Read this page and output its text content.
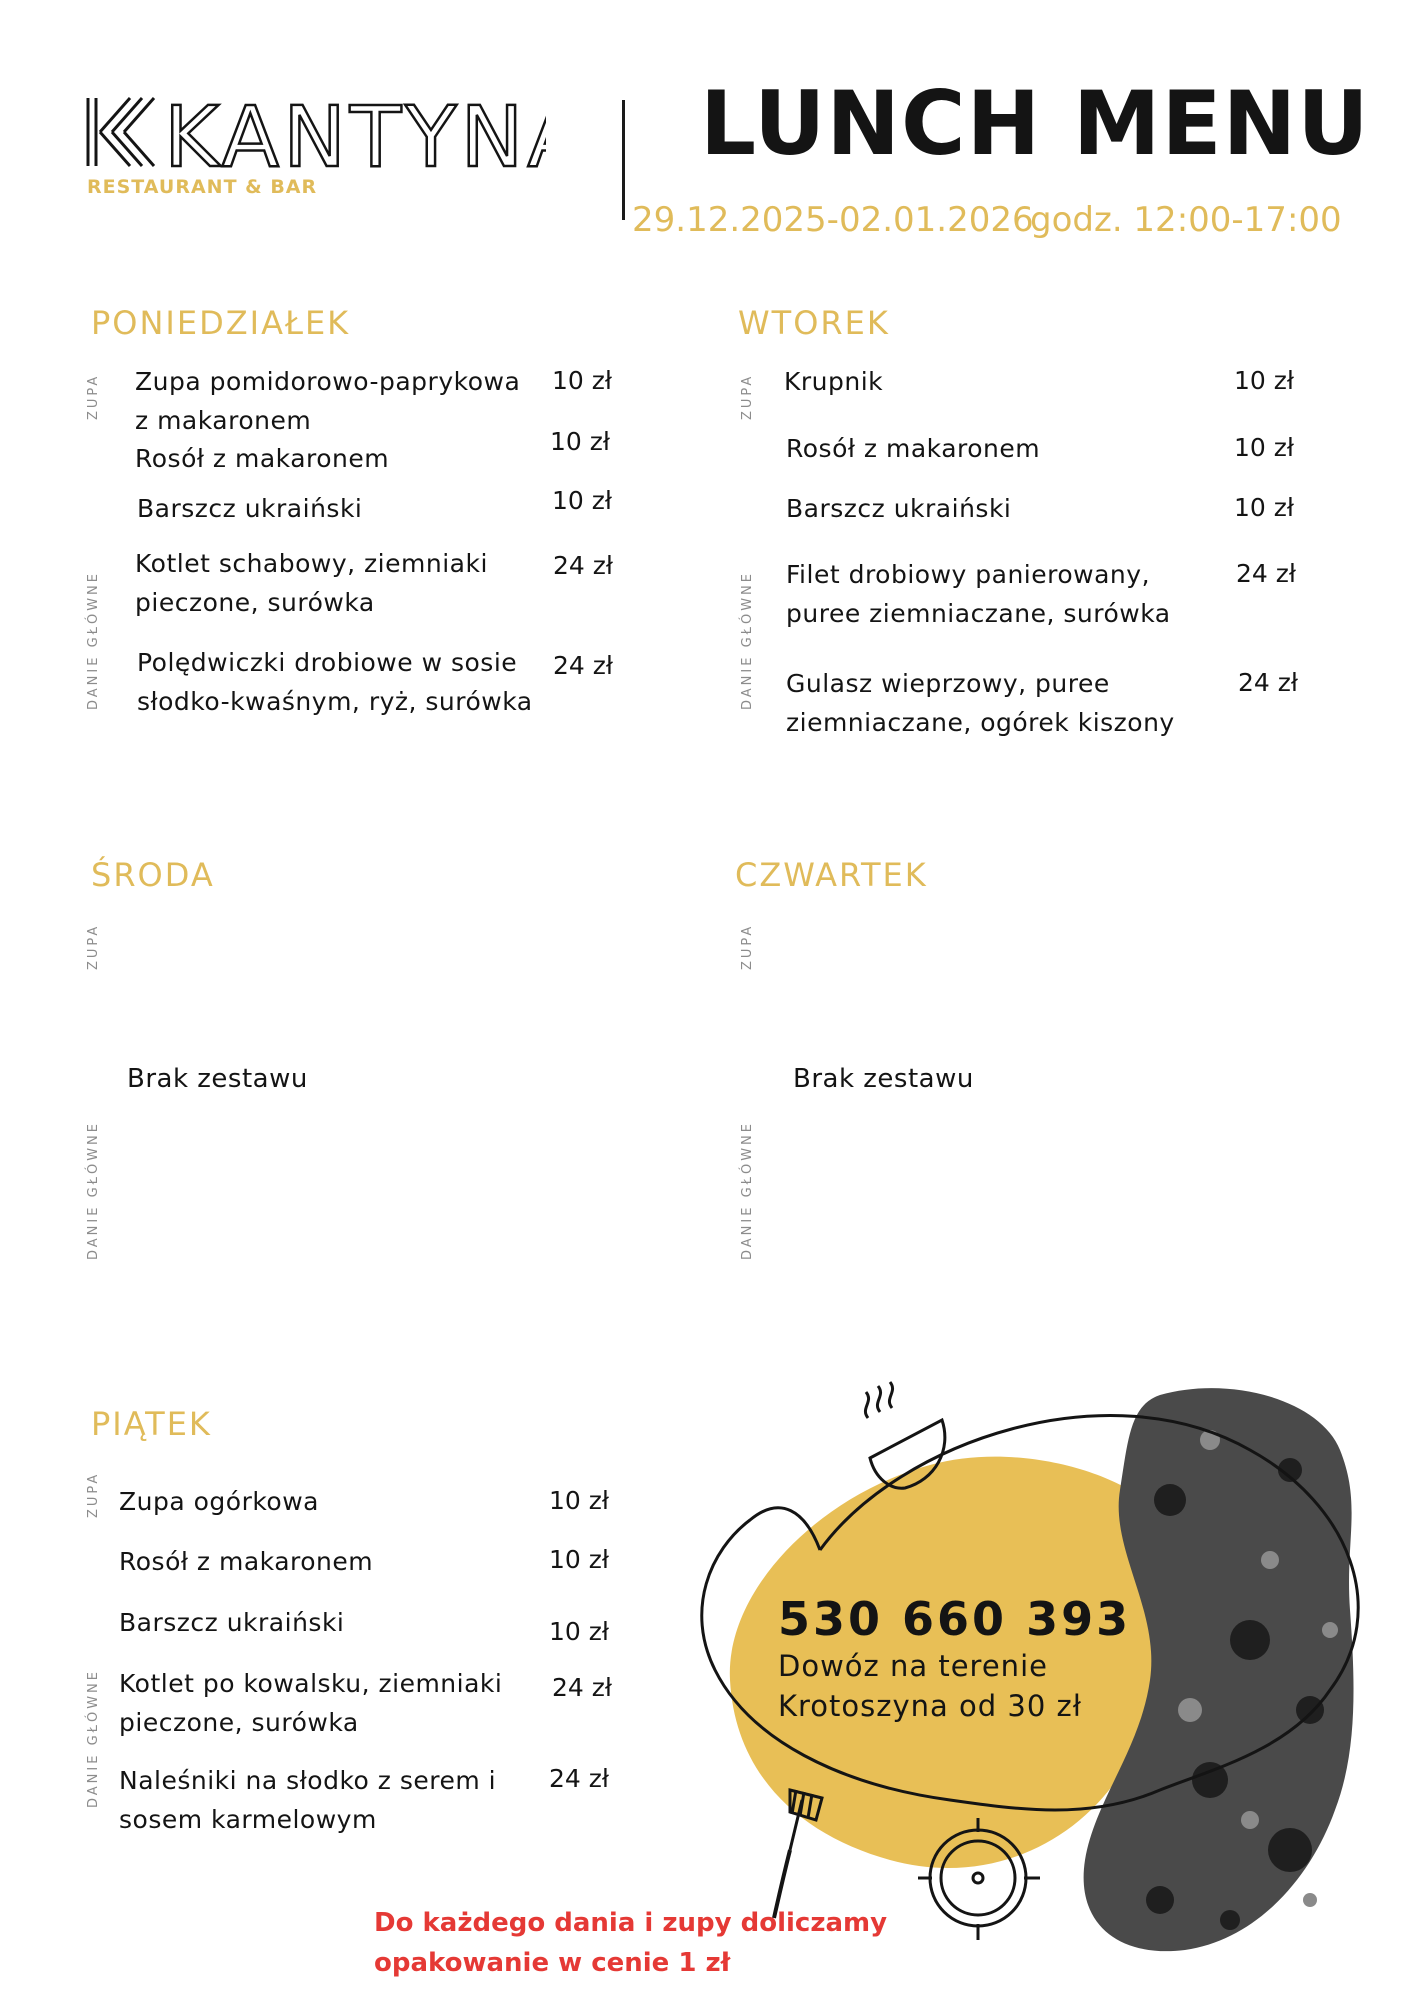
KANTYN
RESTAURANT & BAR
LUNCH MENU
29.12.2025-02.01.2026
godz. 12:00-17:00
PONIEDZIAŁEK
ZUPA
DANIE GŁÓWNE
Zupa pomidorowo-paprykowa z makaronem
10 zł
Rosół z makaronem
10 zł
Barszcz ukraiński	10 zł
Kotlet schabowy, ziemniaki pieczone, surówka
24 zł
Polędwiczki drobiowe w sosie słodko-kwaśnym, ryż, surówka
24 zł
WTOREK
ZUPA
DANIE GŁÓWNE
Krupnik	10 zł
Rosół z makaronem	10 zł
Barszcz ukraiński	10 zł
Filet drobiowy panierowany, puree ziemniaczane, surówka
24 zł
Gulasz wieprzowy, puree ziemniaczane, ogórek kiszony
24 zł
ŚRODA
ZUPA
DANIE GŁÓWNE
Brak zestawu
CZWARTEK
ZUPA
DANIE GŁÓWNE
Brak zestawu
PIĄTEK
ZUPA
DANIE GŁÓWNE
Zupa ogórkowa	10 zł
Rosół z makaronem	10 zł
Barszcz ukraiński	10 zł
Kotlet po kowalsku, ziemniaki pieczone, surówka
24 zł
Naleśniki na słodko z serem i sosem karmelowym
24 zł
530 660 393
Dowóz na terenie Krotoszyna od 30 zł
Do każdego dania i zupy doliczamy opakowanie w cenie 1 zł
